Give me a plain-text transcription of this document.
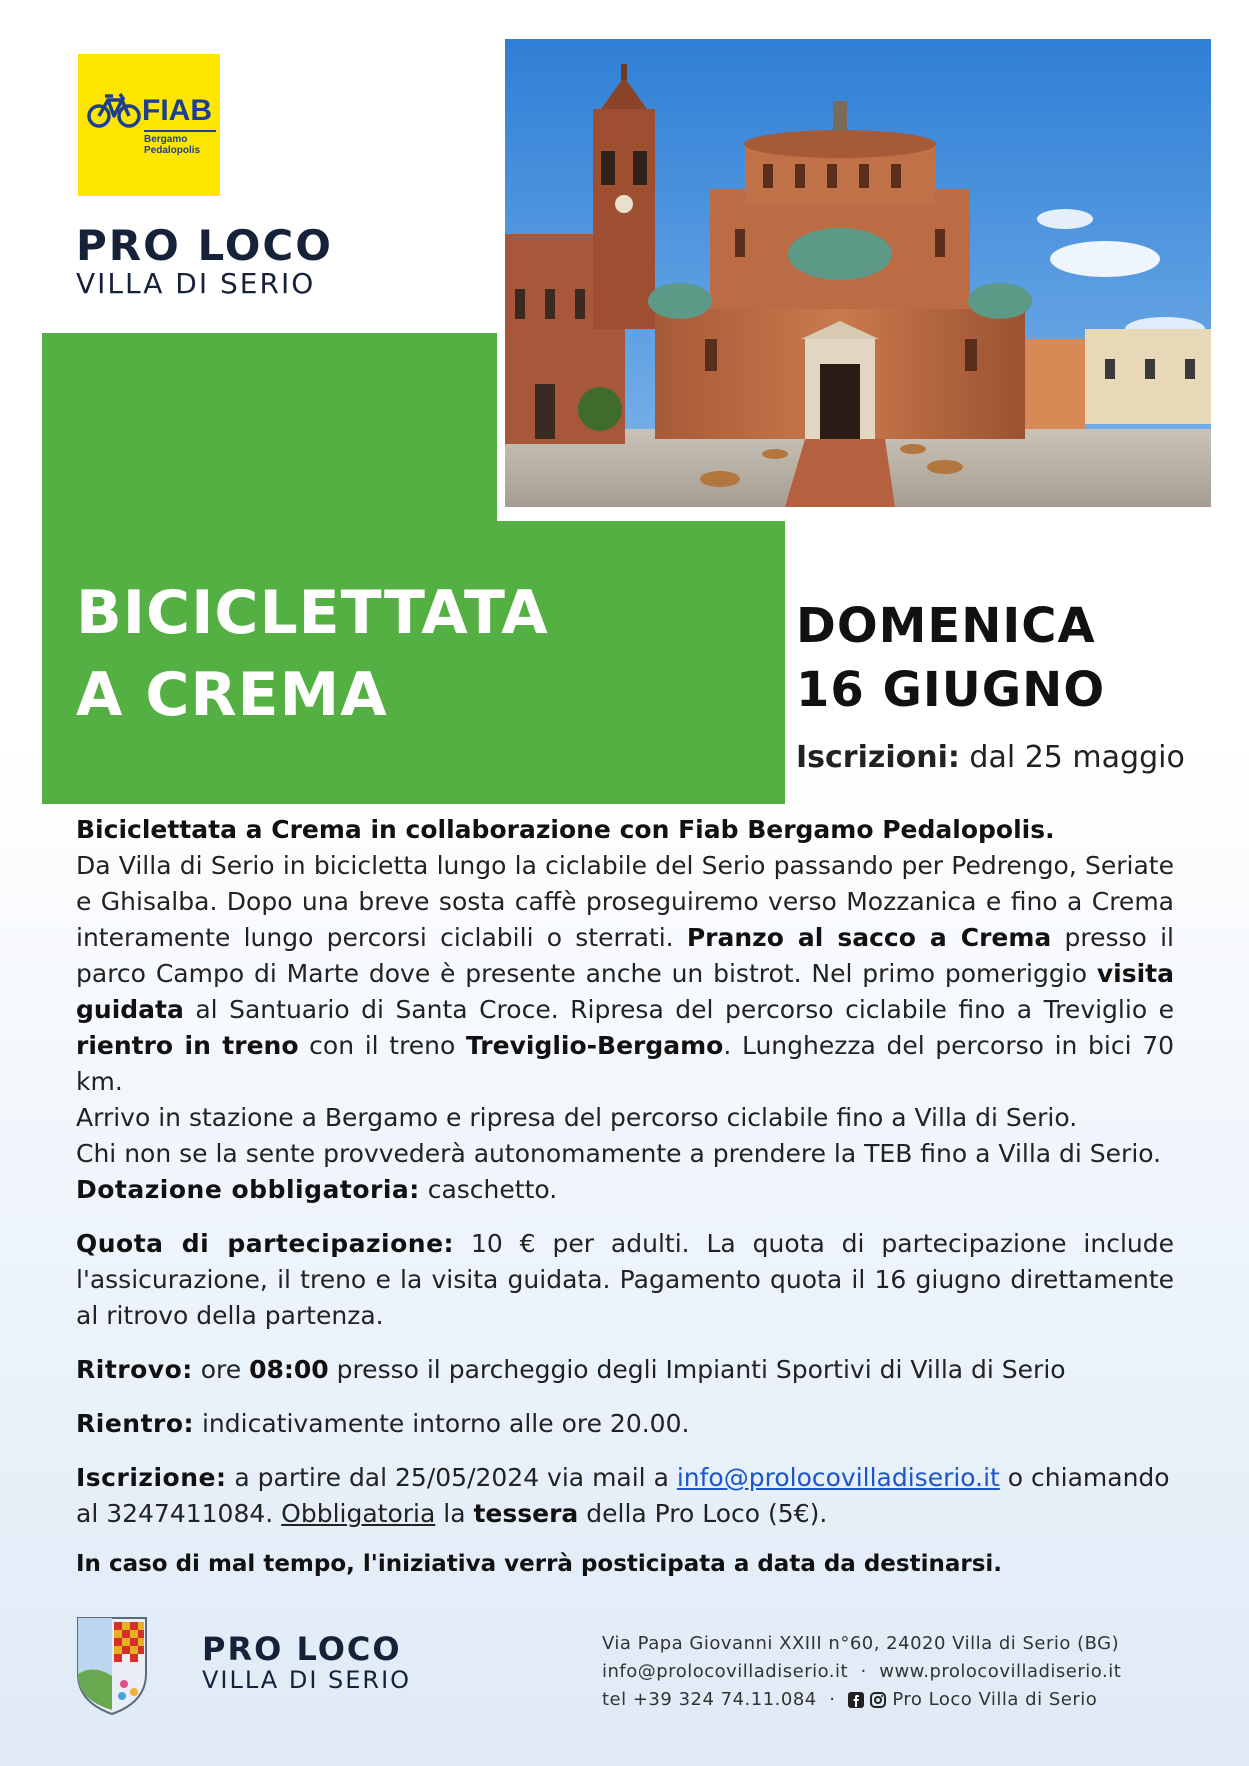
FIAB
Bergamo
Pedalopolis
PRO LOCO
VILLA DI SERIO
BICICLETTATA
A CREMA
DOMENICA
16 GIUGNO
Iscrizioni: dal 25 maggio
Biciclettata a Crema in collaborazione con Fiab Bergamo Pedalopolis.

Da Villa di Serio in bicicletta lungo la ciclabile del Serio passando per Pedrengo, Seriate e Ghisalba. Dopo una breve sosta caffè proseguiremo verso Mozzanica e fino a Crema interamente lungo percorsi ciclabili o sterrati. Pranzo al sacco a Crema presso il parco Campo di Marte dove è presente anche un bistrot. Nel primo pomeriggio visita guidata al Santuario di Santa Croce. Ripresa del percorso ciclabile fino a Treviglio e rientro in treno con il treno Treviglio-Bergamo. Lunghezza del percorso in bici 70 km.

Arrivo in stazione a Bergamo e ripresa del percorso ciclabile fino a Villa di Serio.

Chi non se la sente provvederà autonomamente a prendere la TEB fino a Villa di Serio.

Dotazione obbligatoria: caschetto.

Quota di partecipazione: 10 € per adulti. La quota di partecipazione include l'assicurazione, il treno e la visita guidata. Pagamento quota il 16 giugno direttamente al ritrovo della partenza.

Ritrovo: ore 08:00 presso il parcheggio degli Impianti Sportivi di Villa di Serio

Rientro: indicativamente intorno alle ore 20.00.

Iscrizione: a partire dal 25/05/2024 via mail a info@prolocovilladiserio.it o chiamando al 3247411084. Obbligatoria la tessera della Pro Loco (5€).

In caso di mal tempo, l'iniziativa verrà posticipata a data da destinarsi.

PRO LOCO
VILLA DI SERIO
Via Papa Giovanni XXIII n°60, 24020 Villa di Serio (BG)
info@prolocovilladiserio.it · www.prolocovilladiserio.it
tel +39 324 74.11.084 ·	Pro Loco Villa di Serio
